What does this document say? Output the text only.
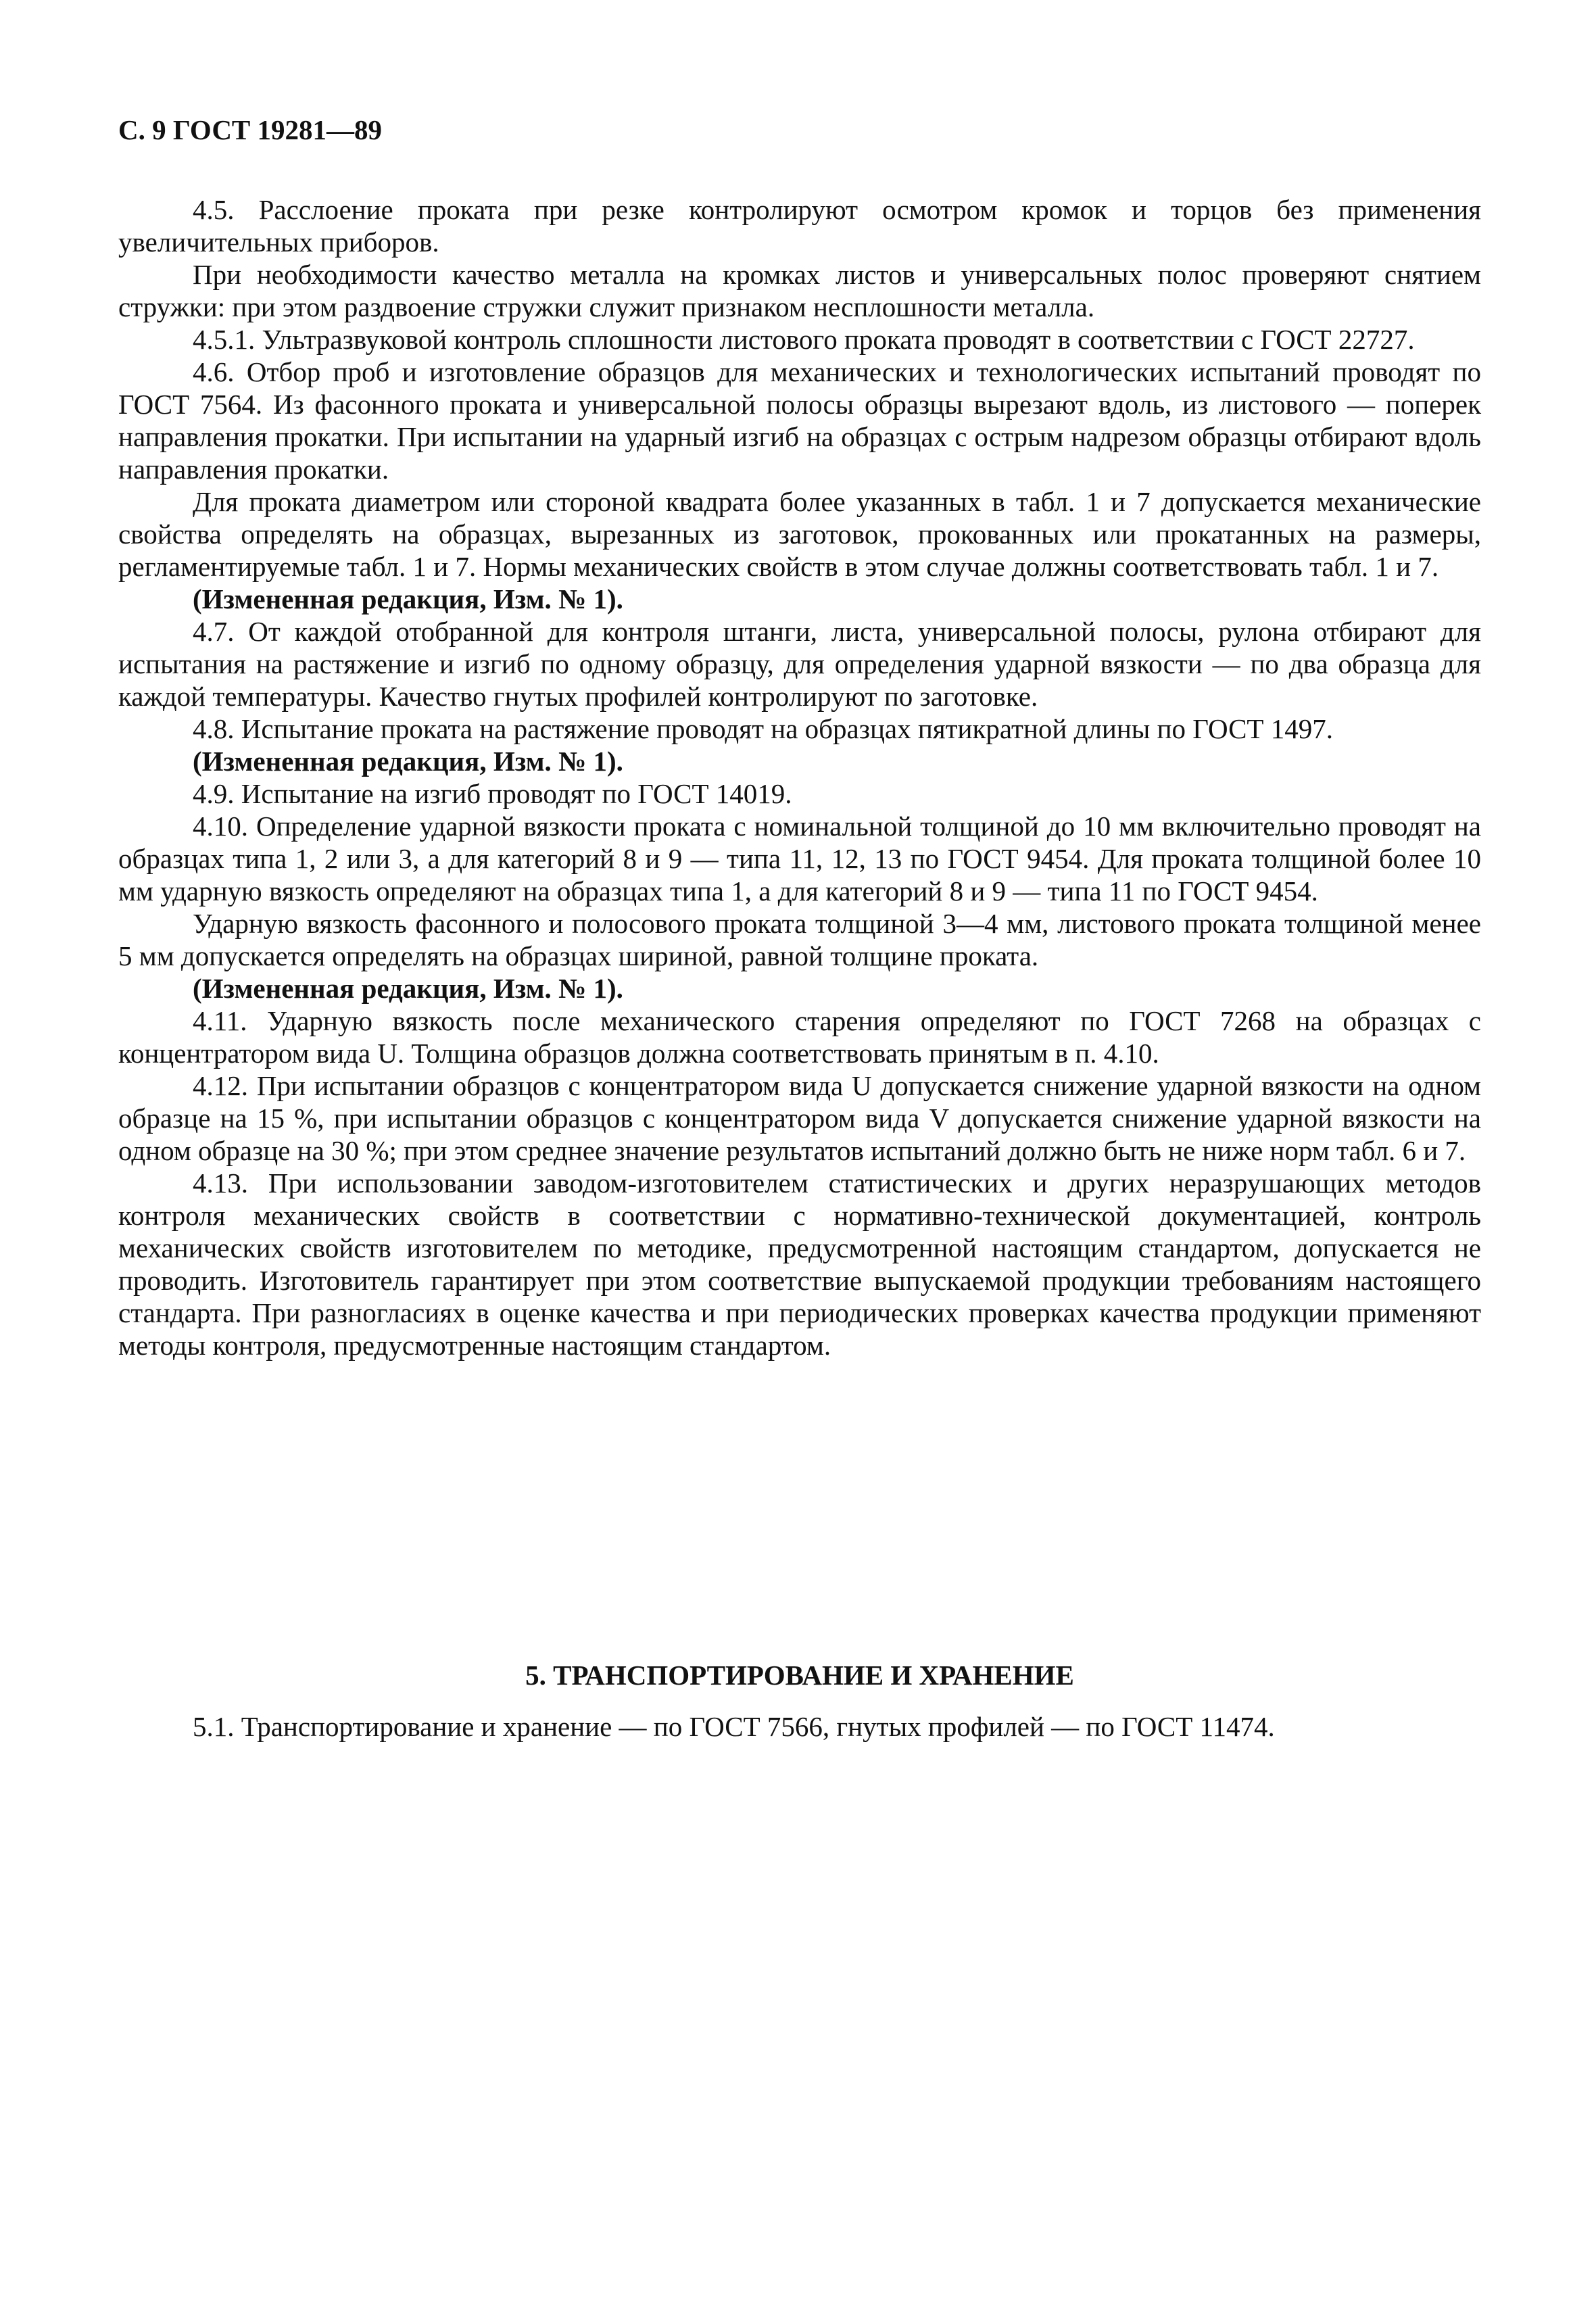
С. 9 ГОСТ 19281—89

4.5. Расслоение проката при резке контролируют осмотром кромок и торцов без применения увеличительных приборов.

При необходимости качество металла на кромках листов и универсальных полос проверяют снятием стружки: при этом раздвоение стружки служит признаком несплошности металла.

4.5.1. Ультразвуковой контроль сплошности листового проката проводят в соответствии с ГОСТ 22727.

4.6. Отбор проб и изготовление образцов для механических и технологических испытаний проводят по ГОСТ 7564. Из фасонного проката и универсальной полосы образцы вырезают вдоль, из листового — поперек направления прокатки. При испытании на ударный изгиб на образцах с острым надрезом образцы отбирают вдоль направления прокатки.

Для проката диаметром или стороной квадрата более указанных в табл. 1 и 7 допускается механические свойства определять на образцах, вырезанных из заготовок, прокованных или прокатанных на размеры, регламентируемые табл. 1 и 7. Нормы механических свойств в этом случае должны соответствовать табл. 1 и 7.

(Измененная редакция, Изм. № 1).

4.7. От каждой отобранной для контроля штанги, листа, универсальной полосы, рулона отбирают для испытания на растяжение и изгиб по одному образцу, для определения ударной вязкости — по два образца для каждой температуры. Качество гнутых профилей контролируют по заготовке.

4.8. Испытание проката на растяжение проводят на образцах пятикратной длины по ГОСТ 1497.

(Измененная редакция, Изм. № 1).

4.9. Испытание на изгиб проводят по ГОСТ 14019.

4.10. Определение ударной вязкости проката с номинальной толщиной до 10 мм включительно проводят на образцах типа 1, 2 или 3, а для категорий 8 и 9 — типа 11, 12, 13 по ГОСТ 9454. Для проката толщиной более 10 мм ударную вязкость определяют на образцах типа 1, а для категорий 8 и 9 — типа 11 по ГОСТ 9454.

Ударную вязкость фасонного и полосового проката толщиной 3—4 мм, листового проката толщиной менее 5 мм допускается определять на образцах шириной, равной толщине проката.

(Измененная редакция, Изм. № 1).

4.11. Ударную вязкость после механического старения определяют по ГОСТ 7268 на образцах с концентратором вида U. Толщина образцов должна соответствовать принятым в п. 4.10.

4.12. При испытании образцов с концентратором вида U допускается снижение ударной вязкости на одном образце на 15 %, при испытании образцов с концентратором вида V допускается снижение ударной вязкости на одном образце на 30 %; при этом среднее значение результатов испытаний должно быть не ниже норм табл. 6 и 7.

4.13. При использовании заводом-изготовителем статистических и других неразрушающих методов контроля механических свойств в соответствии с нормативно-технической документацией, контроль механических свойств изготовителем по методике, предусмотренной настоящим стандартом, допускается не проводить. Изготовитель гарантирует при этом соответствие выпускаемой продукции требованиям настоящего стандарта. При разногласиях в оценке качества и при периодических проверках качества продукции применяют методы контроля, предусмотренные настоящим стандартом.

5. ТРАНСПОРТИРОВАНИЕ И ХРАНЕНИЕ

5.1. Транспортирование и хранение — по ГОСТ 7566, гнутых профилей — по ГОСТ 11474.
